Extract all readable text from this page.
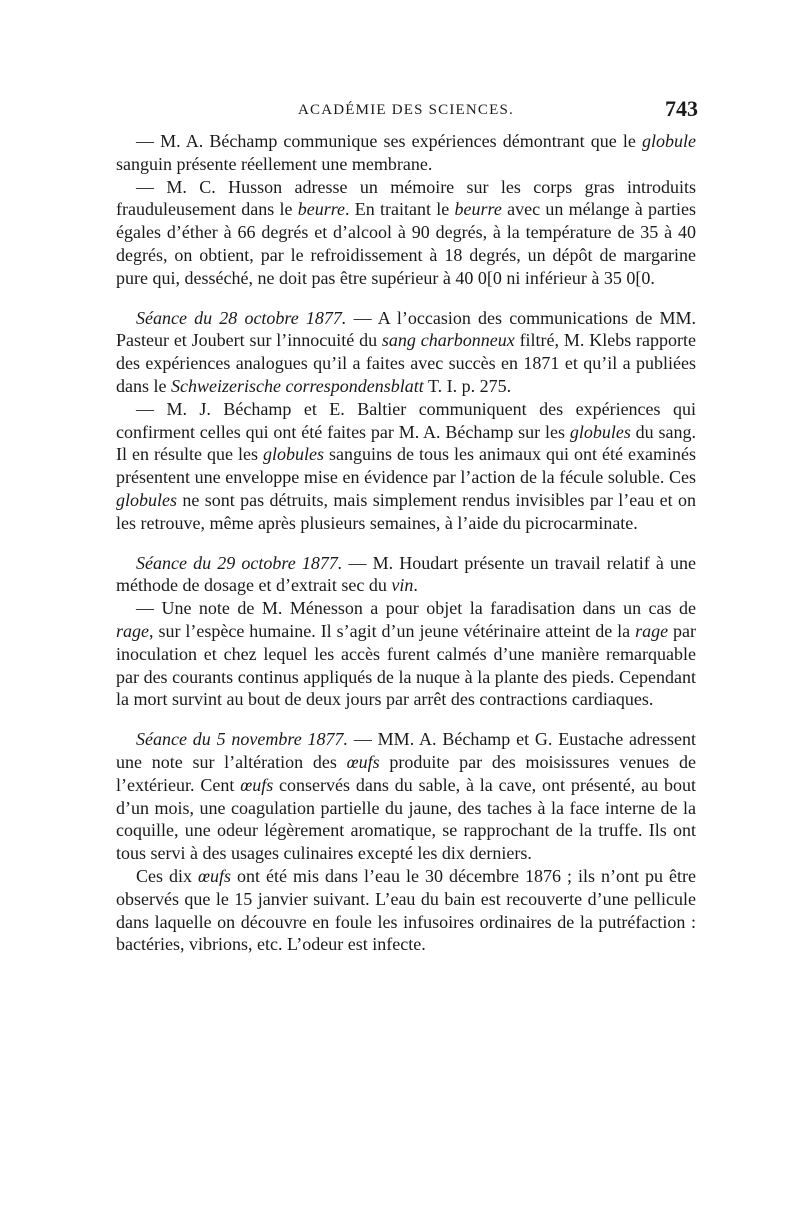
ACADÉMIE DES SCIENCES.	743

— M. A. Béchamp communique ses expériences démontrant que le globule sanguin présente réellement une membrane.

— M. C. Husson adresse un mémoire sur les corps gras introduits frauduleusement dans le beurre. En traitant le beurre avec un mélange à parties égales d’éther à 66 degrés et d’alcool à 90 degrés, à la température de 35 à 40 degrés, on obtient, par le refroidissement à 18 degrés, un dépôt de margarine pure qui, desséché, ne doit pas être supérieur à 40 0[0 ni inférieur à 35 0[0.

Séance du 28 octobre 1877. — A l’occasion des communications de MM. Pasteur et Joubert sur l’innocuité du sang charbonneux filtré, M. Klebs rapporte des expériences analogues qu’il a faites avec succès en 1871 et qu’il a publiées dans le Schweizerische correspondensblatt T. I. p. 275.

— M. J. Béchamp et E. Baltier communiquent des expériences qui confirment celles qui ont été faites par M. A. Béchamp sur les globules du sang. Il en résulte que les globules sanguins de tous les animaux qui ont été examinés présentent une enveloppe mise en évidence par l’action de la fécule soluble. Ces globules ne sont pas détruits, mais simplement rendus invisibles par l’eau et on les retrouve, même après plusieurs semaines, à l’aide du picrocarminate.

Séance du 29 octobre 1877. — M. Houdart présente un travail relatif à une méthode de dosage et d’extrait sec du vin.

— Une note de M. Ménesson a pour objet la faradisation dans un cas de rage, sur l’espèce humaine. Il s’agit d’un jeune vétérinaire atteint de la rage par inoculation et chez lequel les accès furent calmés d’une manière remarquable par des courants continus appliqués de la nuque à la plante des pieds. Cependant la mort survint au bout de deux jours par arrêt des contractions cardiaques.

Séance du 5 novembre 1877. — MM. A. Béchamp et G. Eustache adressent une note sur l’altération des œufs produite par des moisissures venues de l’extérieur. Cent œufs conservés dans du sable, à la cave, ont présenté, au bout d’un mois, une coagulation partielle du jaune, des taches à la face interne de la coquille, une odeur légèrement aromatique, se rapprochant de la truffe. Ils ont tous servi à des usages culinaires excepté les dix derniers.

Ces dix œufs ont été mis dans l’eau le 30 décembre 1876 ; ils n’ont pu être observés que le 15 janvier suivant. L’eau du bain est recouverte d’une pellicule dans laquelle on découvre en foule les infusoires ordinaires de la putréfaction : bactéries, vibrions, etc. L’odeur est infecte.
